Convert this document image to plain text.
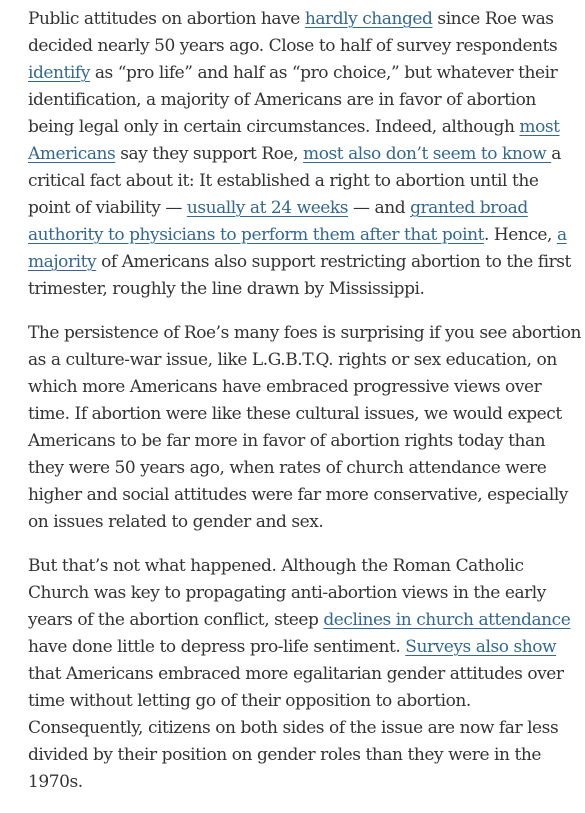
Public attitudes on abortion have hardly changed since Roe was decided nearly 50 years ago. Close to half of survey respondents identify as “pro life” and half as “pro choice,” but whatever their identification, a majority of Americans are in favor of abortion being legal only in certain circumstances. Indeed, although most Americans say they support Roe, most also don’t seem to know a critical fact about it: It established a right to abortion until the point of viability — usually at 24 weeks — and granted broad authority to physicians to perform them after that point. Hence, a majority of Americans also support restricting abortion to the first trimester, roughly the line drawn by Mississippi.

The persistence of Roe’s many foes is surprising if you see abortion as a culture-war issue, like L.G.B.T.Q. rights or sex education, on which more Americans have embraced progressive views over time. If abortion were like these cultural issues, we would expect Americans to be far more in favor of abortion rights today than they were 50 years ago, when rates of church attendance were higher and social attitudes were far more conservative, especially on issues related to gender and sex.

But that’s not what happened. Although the Roman Catholic Church was key to propagating anti-abortion views in the early years of the abortion conflict, steep declines in church attendance have done little to depress pro-life sentiment. Surveys also show that Americans embraced more egalitarian gender attitudes over time without letting go of their opposition to abortion. Consequently, citizens on both sides of the issue are now far less divided by their position on gender roles than they were in the 1970s.
